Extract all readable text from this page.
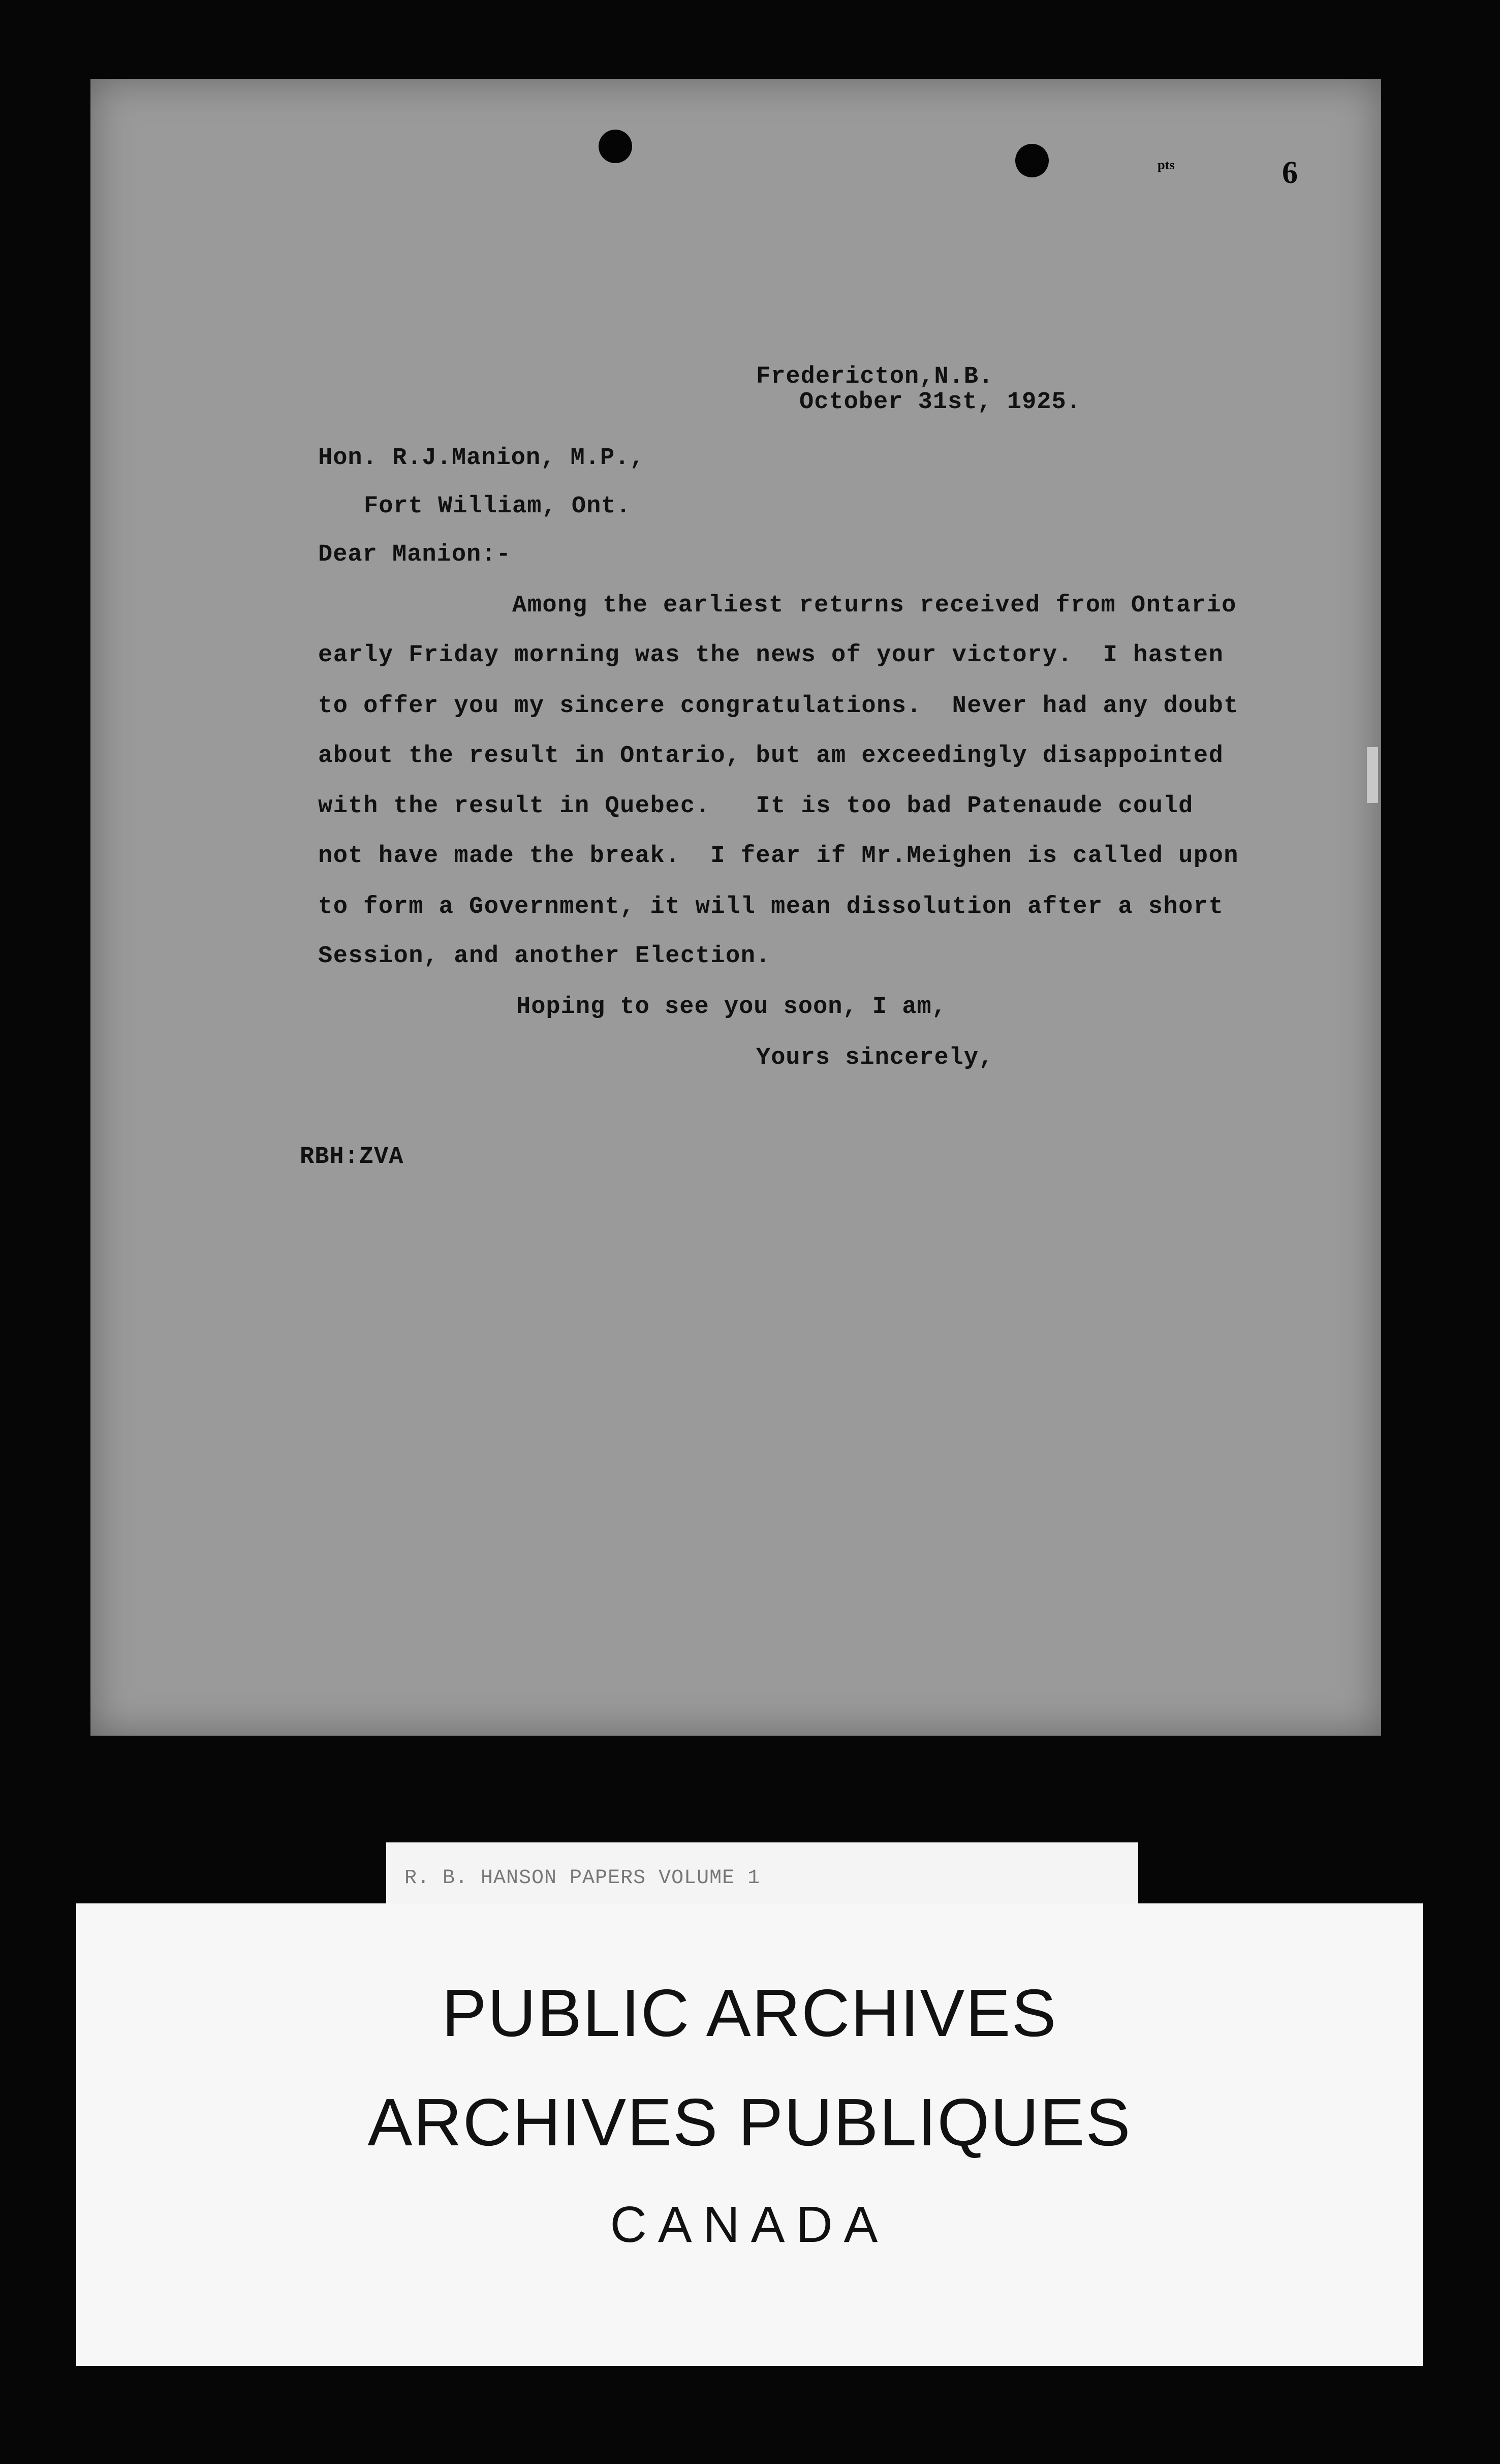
ᵖᵗˢ	6
Fredericton,N.B.
October 31st, 1925.
Hon. R.J.Manion, M.P.,
Fort William, Ont.
Dear Manion:-
Among the earliest returns received from Ontario
early Friday morning was the news of your victory.  I hasten
to offer you my sincere congratulations.  Never had any doubt
about the result in Ontario, but am exceedingly disappointed
with the result in Quebec.   It is too bad Patenaude could
not have made the break.  I fear if Mr.Meighen is called upon
to form a Government, it will mean dissolution after a short
Session, and another Election.
Hoping to see you soon, I am,
Yours sincerely,
RBH:ZVA
R. B. HANSON PAPERS VOLUME 1
PUBLIC ARCHIVES
ARCHIVES PUBLIQUES
CANADA
